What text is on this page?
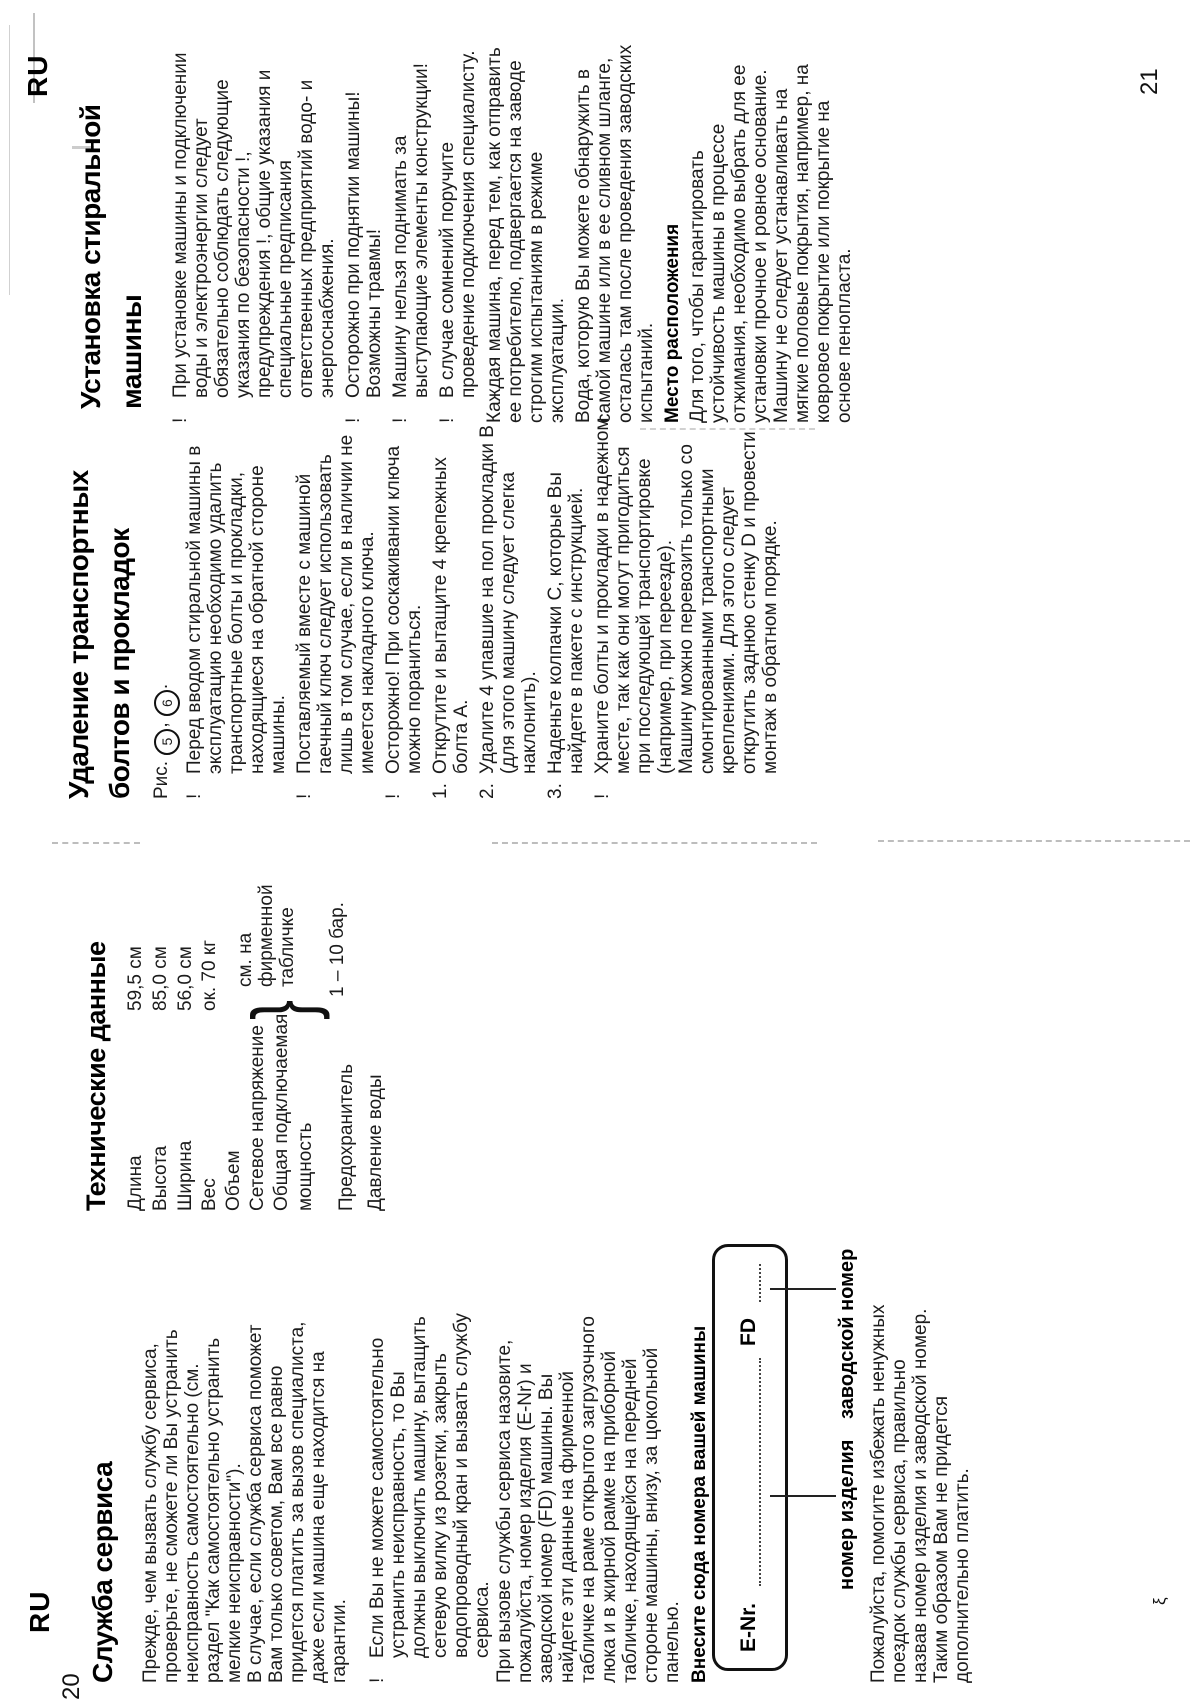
20
RU Служба сервиса	Прежде, чем вызвать службу сервиса, проверьте, не сможете ли Вы устранить неисправность самостоятельно (см. раздел "Как самостоятельно устранить мелкие неисправности"). В случае, если служба сервиса поможет Вам только советом, Вам все равно придется платить за вызов специалиста, даже если машина еще находится на гарантии. !
Если Вы не можете самостоятельно устранить неисправность, то Вы должны выключить машину, вытащить сетевую вилку из розетки, закрыть водопроводный кран и вызвать службу сервиса. При вызове службы сервиса назовите, пожалуйста, номер изделия (E-Nr) и заводской номер (FD) машины. Вы найдете эти данные на фирменной табличке на раме открытого загрузочного люка и в жирной рамке на приборной табличке, находящейся на передней стороне машины, внизу, за цокольной панелью. Внесите сюда номера вашей машины E-Nr.
FD
номер изделия
заводской номер Пожалуйста, помогите избежать ненужных поездок службы сервиса, правильно назвав номер изделия и заводской номер. Таким образом Вам не придется дополнительно платить.
Технические данные Длина Высота Ширина Вес Объем Сетевое напряжение Общая подключаемая мощность Предохранитель Давление воды
59,5 см 85,0 см 56,0 см ок. 70 кг }
см. на фирменной табличке 1 – 10 бар.
ξ
RU	21
Удаление транспортных болтов и прокладок Рис. 5, 6.
!
Перед вводом стиральной машины в эксплуатацию необходимо удалить транспортные болты и прокладки, находящиеся на обратной стороне машины.
!
Поставляемый вместе с машиной гаечный ключ следует использовать лишь в том случае, если в наличии не имеется накладного ключа.
!
Осторожно! При соскакивании ключа можно пораниться.
1.
Открутите и вытащите 4 крепежных болта A.
2.
Удалите 4 упавшие на пол прокладки B (для этого машину следует слегка наклонить).
3.
Наденьте колпачки C, которые Вы найдете в пакете с инструкцией.
!
Храните болты и прокладки в надежном месте, так как они могут пригодиться при последующей транспортировке (например, при переезде). Машину можно перевозить только со смонтированными транспортными креплениями. Для этого следует открутить заднюю стенку D и провести монтаж в обратном порядке.
Установка стиральной машины
!
При установке машины и подключении воды и электроэнергии следует обязательно соблюдать следующие указания по безопасности !, предупреждения !, общие указания и специальные предписания ответственных предприятий водо- и энергоснабжения.
!
Осторожно при поднятии машины! Возможны травмы!
!
Машину нельзя поднимать за выступающие элементы конструкции!
!
В случае сомнений поручите проведение подключения специалисту. Каждая машина, перед тем, как отправить ее потребителю, подвергается на заводе строгим испытаниям в режиме эксплуатации. Вода, которую Вы можете обнаружить в самой машине или в ее сливном шланге, осталась там после проведения заводских испытаний. Место расположения Для того, чтобы гарантировать устойчивость машины в процессе отжимания, необходимо выбрать для ее установки прочное и ровное основание. Машину не следует устанавливать на мягкие половые покрытия, например, на ковровое покрытие или покрытие на основе пенопласта.
